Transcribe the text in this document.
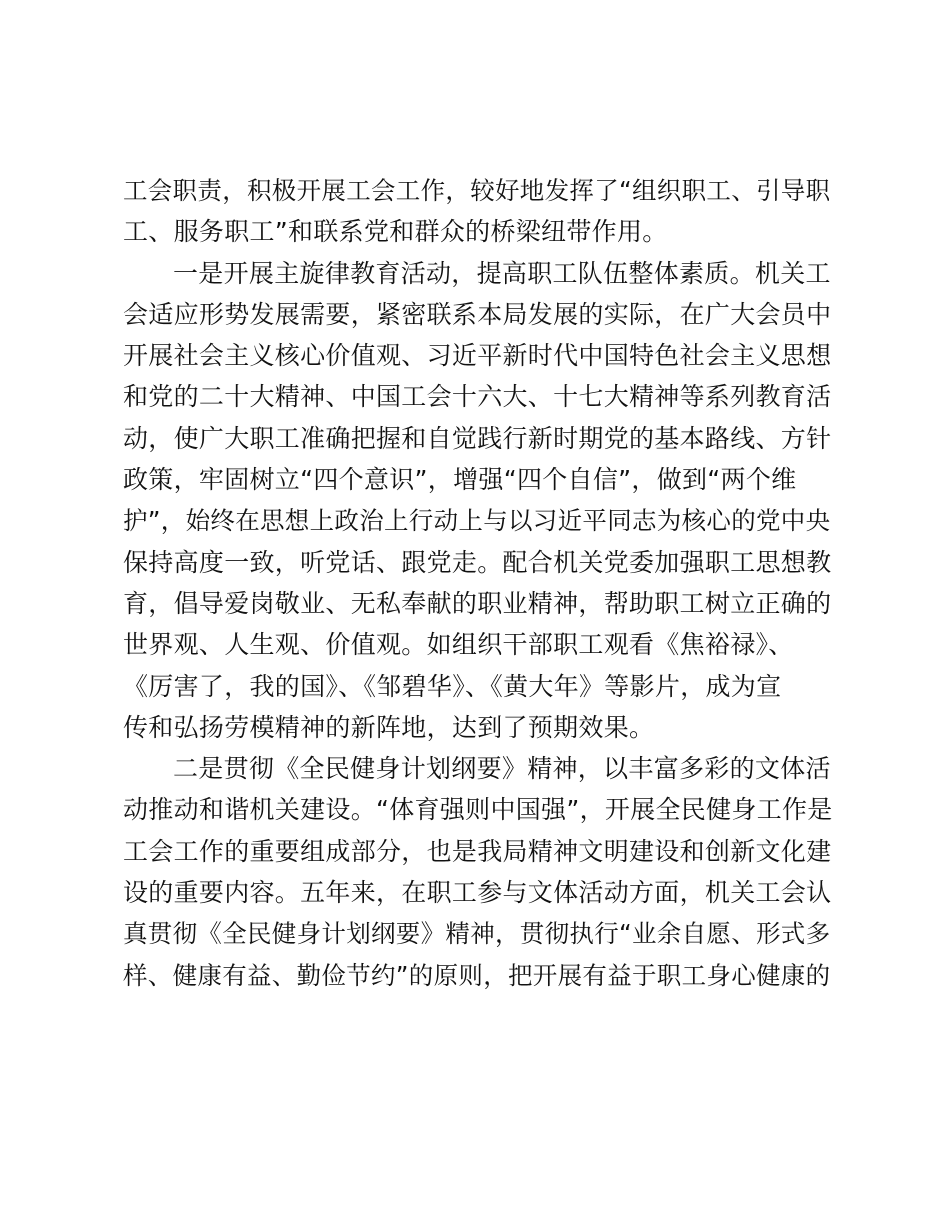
工会职责，积极开展工会工作，较好地发挥了“组织职工、引导职
工、服务职工”和联系党和群众的桥梁纽带作用。
一是开展主旋律教育活动，提高职工队伍整体素质。机关工
会适应形势发展需要，紧密联系本局发展的实际，在广大会员中
开展社会主义核心价值观、习近平新时代中国特色社会主义思想
和党的二十大精神、中国工会十六大、十七大精神等系列教育活
动，使广大职工准确把握和自觉践行新时期党的基本路线、方针
政策，牢固树立“四个意识”，增强“四个自信”，做到“两个维
护”，始终在思想上政治上行动上与以习近平同志为核心的党中央
保持高度一致，听党话、跟党走。配合机关党委加强职工思想教
育，倡导爱岗敬业、无私奉献的职业精神，帮助职工树立正确的
世界观、人生观、价值观。如组织干部职工观看《焦裕禄》、
《厉害了，我的国》、《邹碧华》、《黄大年》等影片，成为宣
传和弘扬劳模精神的新阵地，达到了预期效果。
二是贯彻《全民健身计划纲要》精神，以丰富多彩的文体活
动推动和谐机关建设。“体育强则中国强”，开展全民健身工作是
工会工作的重要组成部分，也是我局精神文明建设和创新文化建
设的重要内容。五年来，在职工参与文体活动方面，机关工会认
真贯彻《全民健身计划纲要》精神，贯彻执行“业余自愿、形式多
样、健康有益、勤俭节约”的原则，把开展有益于职工身心健康的
